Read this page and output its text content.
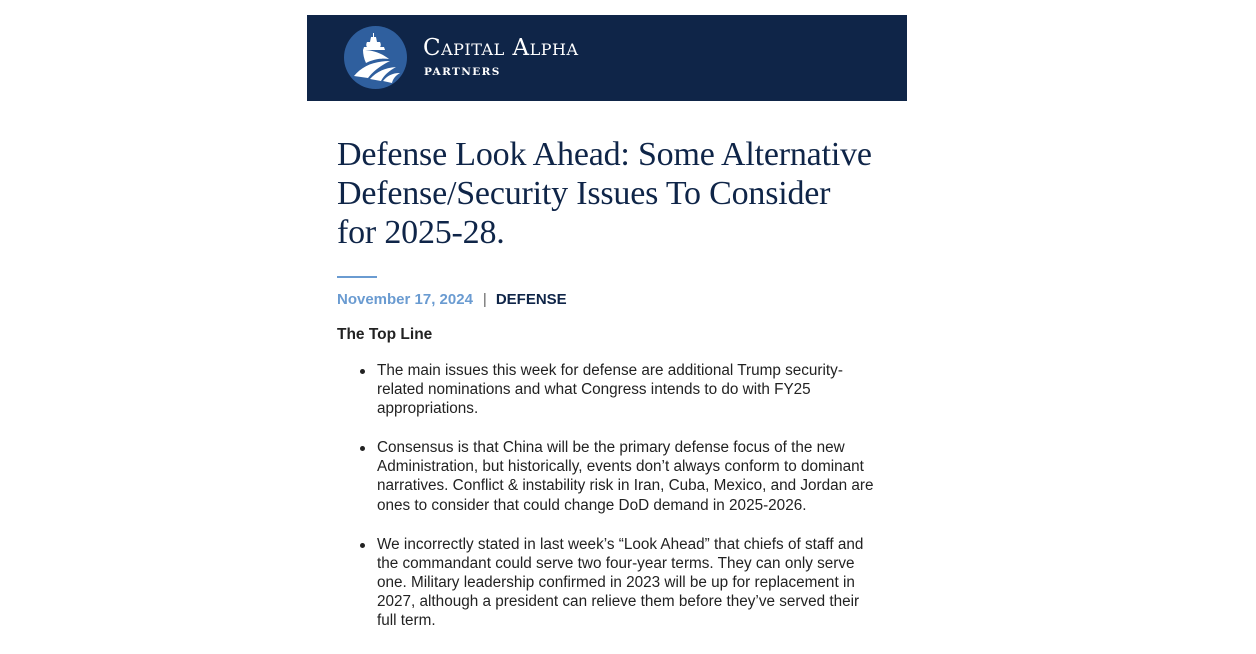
Capital Alpha
PARTNERS
Defense Look Ahead: Some Alternative Defense/Security Issues To Consider for 2025-28.
November 17, 2024 | DEFENSE
The Top Line
The main issues this week for defense are additional Trump security-related nominations and what Congress intends to do with FY25 appropriations.
Consensus is that China will be the primary defense focus of the new Administration, but historically, events don’t always conform to dominant narratives. Conflict & instability risk in Iran, Cuba, Mexico, and Jordan are ones to consider that could change DoD demand in 2025-2026.
We incorrectly stated in last week’s “Look Ahead” that chiefs of staff and the commandant could serve two four-year terms. They can only serve one. Military leadership confirmed in 2023 will be up for replacement in 2027, although a president can relieve them before they’ve served their full term.
